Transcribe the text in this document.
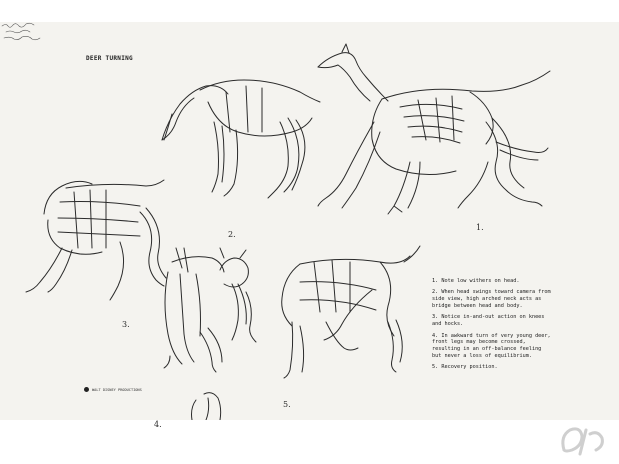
DEER TURNING
1.
2.
3.
4.
5.

1. Note low withers on head.

2. When head swings toward camera from side view, high arched neck acts as bridge between head and body.

3. Notice in-and-out action on knees and hocks.

4. In awkward turn of very young deer, front legs may become crossed, resulting in an off-balance feeling but never a loss of equilibrium.

5. Recovery position.

WALT DISNEY PRODUCTIONS
